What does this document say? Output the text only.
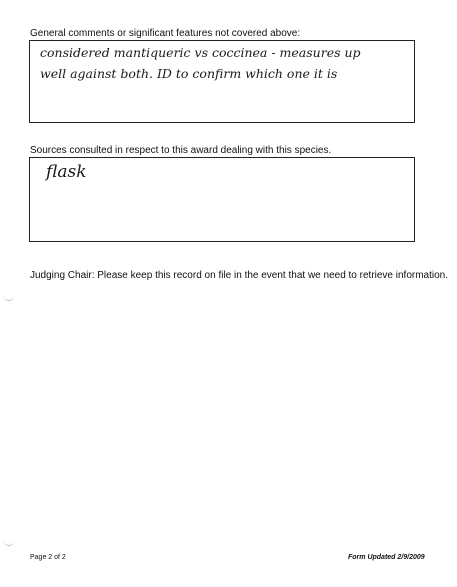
General comments or significant features not covered above:
considered mantiqueric vs coccinea - measures up
well against both. ID to confirm which one it is
Sources consulted in respect to this award dealing with this species.
flask
Judging Chair: Please keep this record on file in the event that we need to retrieve information.
Page 2 of 2	Form Updated 2/9/2009
